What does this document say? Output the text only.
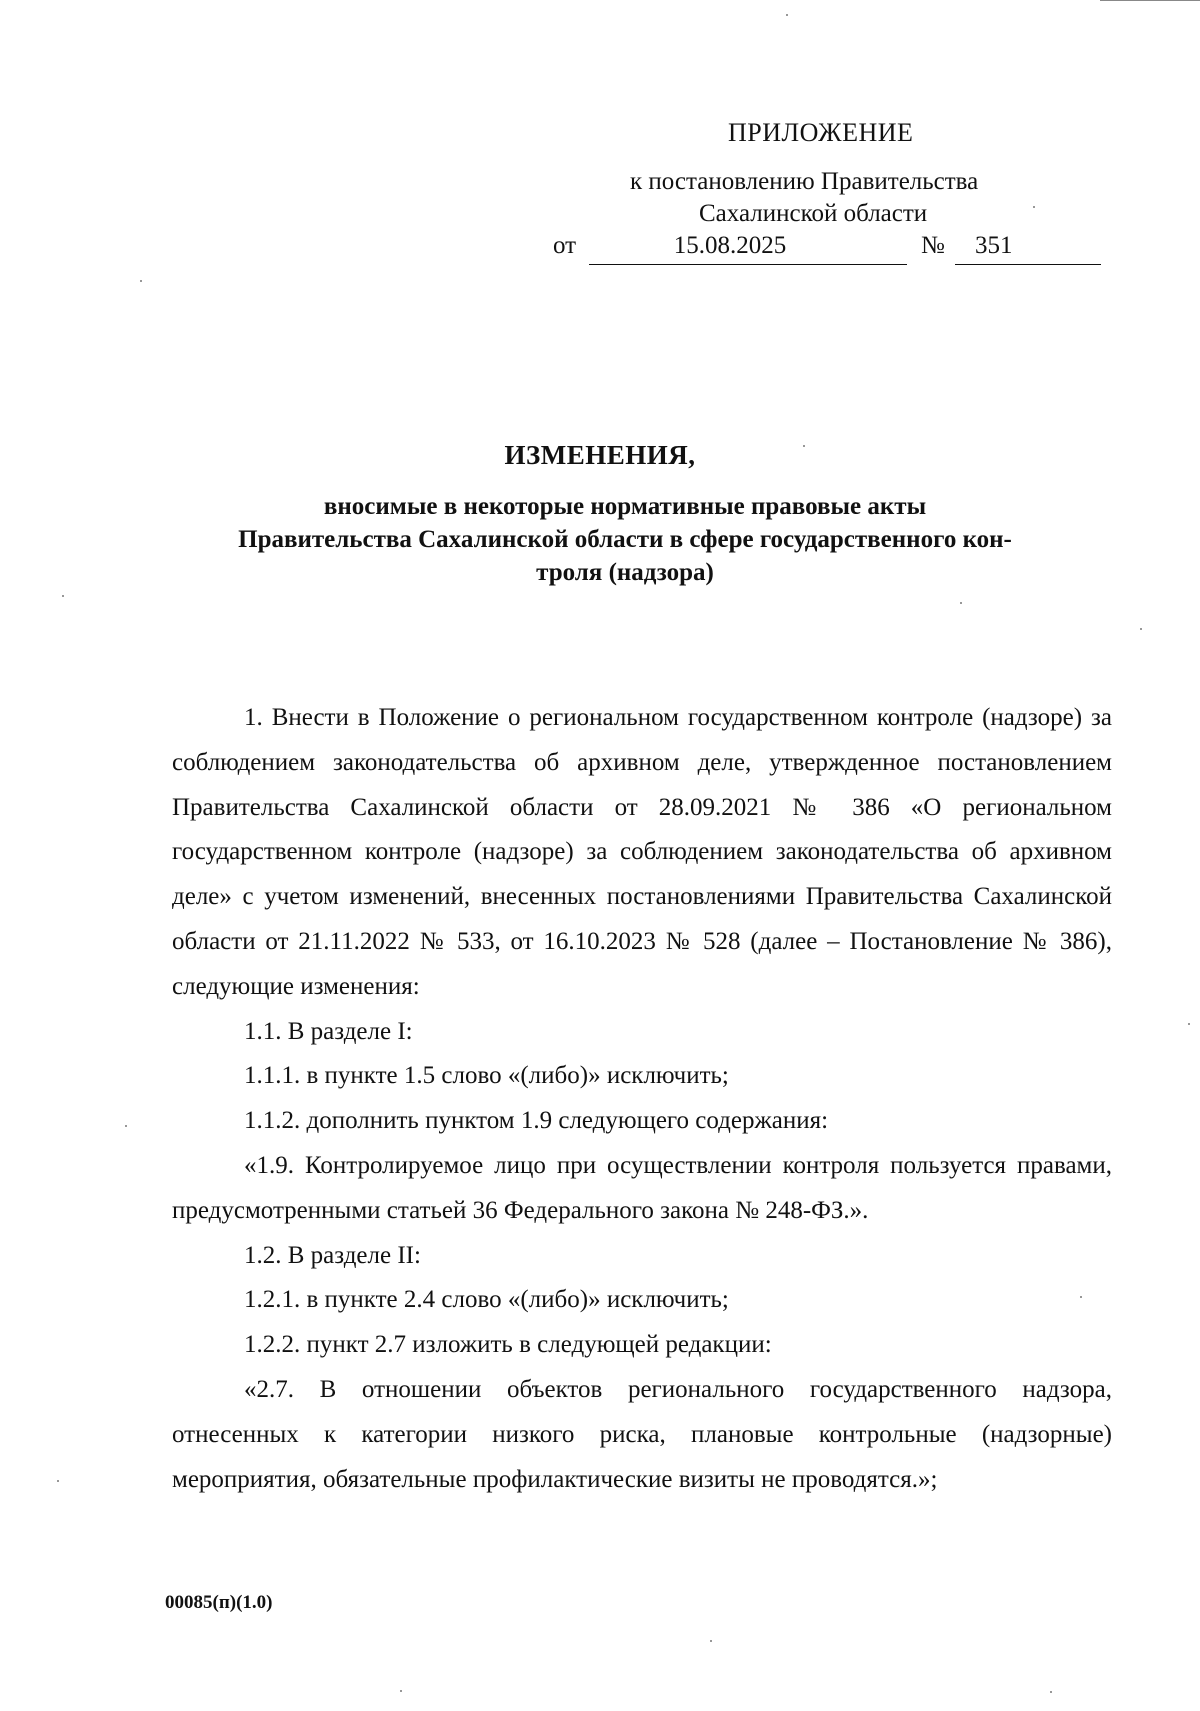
ПРИЛОЖЕНИЕ
к постановлению Правительства
Сахалинской области
от	15.08.2025	№ 351
ИЗМЕНЕНИЯ,
вносимые в некоторые нормативные правовые акты
Правительства Сахалинской области в сфере государственного кон-
троля (надзора)

1. Внести в Положение о региональном государственном контроле (надзоре) за соблюдением законодательства об архивном деле, утвержденное постановлением Правительства Сахалинской области от 28.09.2021 № 386 «О региональном государственном контроле (надзоре) за соблюдением законодательства об архивном деле» с учетом изменений, внесенных постановлениями Правительства Сахалинской области от 21.11.2022 № 533, от 16.10.2023 № 528 (далее – Постановление № 386), следующие изменения:

1.1. В разделе I:

1.1.1. в пункте 1.5 слово «(либо)» исключить;

1.1.2. дополнить пунктом 1.9 следующего содержания:

«1.9. Контролируемое лицо при осуществлении контроля пользуется правами, предусмотренными статьей 36 Федерального закона № 248-ФЗ.».

1.2. В разделе II:

1.2.1. в пункте 2.4 слово «(либо)» исключить;

1.2.2. пункт 2.7 изложить в следующей редакции:

«2.7. В отношении объектов регионального государственного надзора, отнесенных к категории низкого риска, плановые контрольные (надзорные) мероприятия, обязательные профилактические визиты не проводятся.»;

00085(п)(1.0)
